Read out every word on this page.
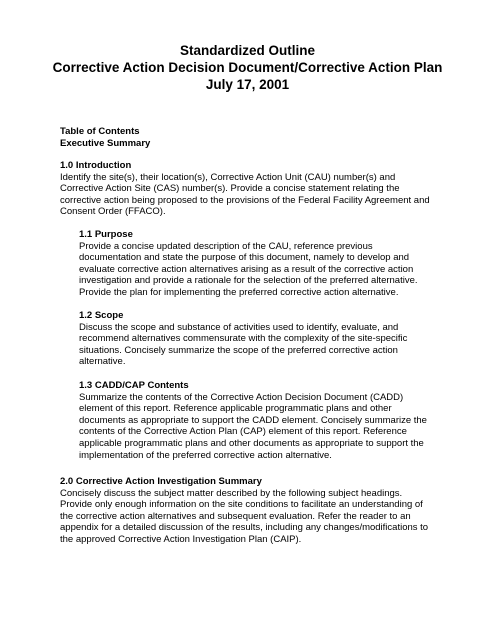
Standardized Outline
Corrective Action Decision Document/Corrective Action Plan
July 17, 2001
Table of Contents
Executive Summary
1.0 Introduction
Identify the site(s), their location(s), Corrective Action Unit (CAU) number(s) and
Corrective Action Site (CAS) number(s). Provide a concise statement relating the
corrective action being proposed to the provisions of the Federal Facility Agreement and
Consent Order (FFACO).
1.1 Purpose
Provide a concise updated description of the CAU, reference previous
documentation and state the purpose of this document, namely to develop and
evaluate corrective action alternatives arising as a result of the corrective action
investigation and provide a rationale for the selection of the preferred alternative.
Provide the plan for implementing the preferred corrective action alternative.
1.2 Scope
Discuss the scope and substance of activities used to identify, evaluate, and
recommend alternatives commensurate with the complexity of the site-specific
situations. Concisely summarize the scope of the preferred corrective action
alternative.
1.3 CADD/CAP Contents
Summarize the contents of the Corrective Action Decision Document (CADD)
element of this report. Reference applicable programmatic plans and other
documents as appropriate to support the CADD element. Concisely summarize the
contents of the Corrective Action Plan (CAP) element of this report. Reference
applicable programmatic plans and other documents as appropriate to support the
implementation of the preferred corrective action alternative.
2.0 Corrective Action Investigation Summary
Concisely discuss the subject matter described by the following subject headings.
Provide only enough information on the site conditions to facilitate an understanding of
the corrective action alternatives and subsequent evaluation. Refer the reader to an
appendix for a detailed discussion of the results, including any changes/modifications to
the approved Corrective Action Investigation Plan (CAIP).
